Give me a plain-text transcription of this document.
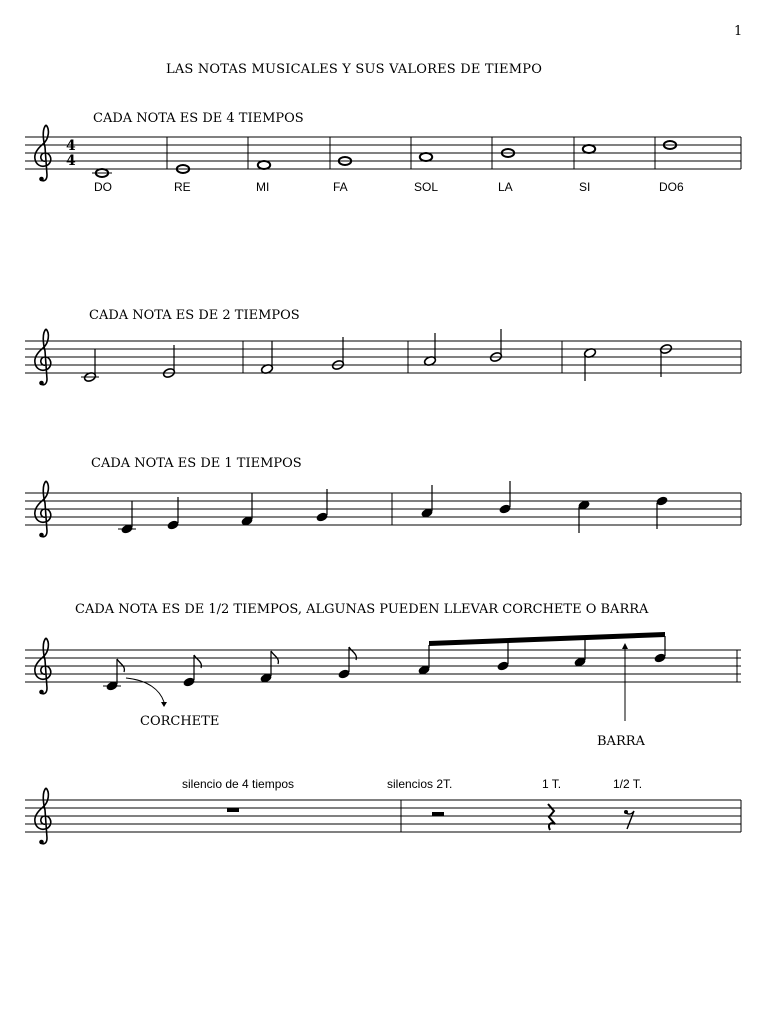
1
LAS NOTAS MUSICALES Y SUS VALORES DE TIEMPO
CADA NOTA ES DE 4 TIEMPOS
CADA NOTA ES DE 2 TIEMPOS
CADA NOTA ES DE 1 TIEMPOS
CADA NOTA ES DE 1/2 TIEMPOS, ALGUNAS PUEDEN LLEVAR CORCHETE O BARRA
DO	RE	MI	FA	SOL	LA	SI	DO6
CORCHETE
BARRA
silencio de 4 tiempos	silencios 2T.	1 T.	1/2 T.
4
4
